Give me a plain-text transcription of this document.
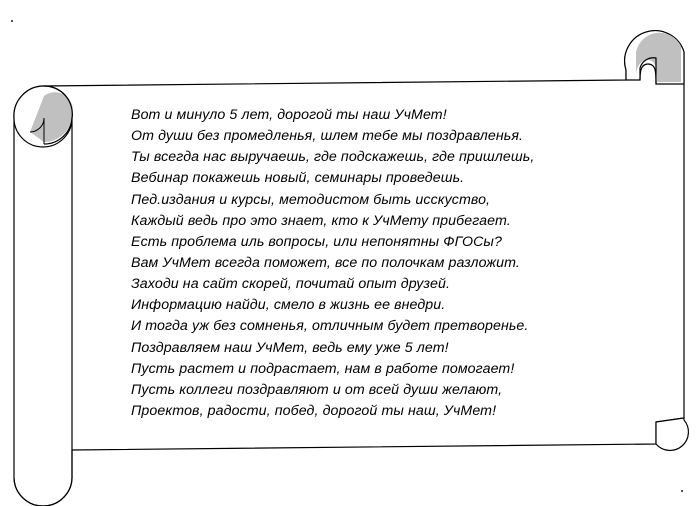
Вот и минуло 5 лет, дорогой ты наш УчМет!
От души без промедленья, шлем тебе мы поздравленья.
Ты всегда нас выручаешь, где подскажешь, где пришлешь,
Вебинар покажешь новый, семинары проведешь.
Пед.издания и курсы, методистом быть исскуство,
Каждый ведь про это знает, кто к УчМету прибегает.
Есть проблема иль вопросы, или непонятны ФГОСы?
Вам УчМет всегда поможет, все по полочкам разложит.
Заходи на сайт скорей, почитай опыт друзей.
Информацию найди, смело в жизнь ее внедри.
И тогда уж без сомненья, отличным будет претворенье.
Поздравляем наш УчМет, ведь ему уже 5 лет!
Пусть растет и подрастает, нам в работе помогает!
Пусть коллеги поздравляют и от всей души желают,
Проектов, радости, побед, дорогой ты наш, УчМет!
